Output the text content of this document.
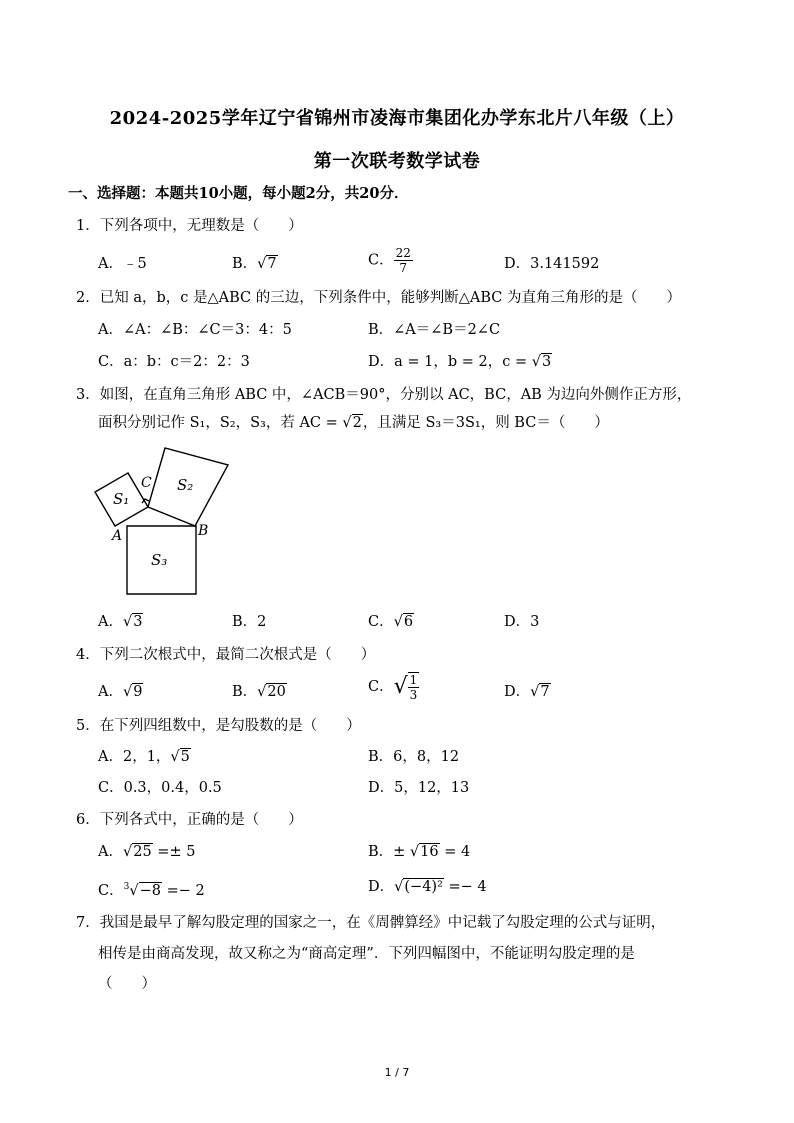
2024-2025学年辽宁省锦州市凌海市集团化办学东北片八年级（上）
第一次联考数学试卷
一、选择题：本题共10小题，每小题2分，共20分．
1．下列各项中，无理数是（　　）
A．﹣5	B．√7	C． $\frac{22}{7}$	D．3.141592
2．已知 a，b，c 是△ABC 的三边，下列条件中，能够判断△ABC 为直角三角形的是（　　）
A．∠A：∠B：∠C＝3：4：5	B．∠A＝∠B＝2∠C
C．a：b：c＝2：2：3	D．a = 1，b = 2，c = √3
3．如图，在直角三角形 ABC 中，∠ACB＝90°，分别以 AC，BC，AB 为边向外侧作正方形，
面积分别记作 S₁，S₂，S₃，若 AC = √2，且满足 S₃＝3S₁，则 BC＝（　　）
S₁
S₂
S₃
A	B
C
A．√3	B．2	C．√6	D．3
4．下列二次根式中，最简二次根式是（　　）
A．√9	B．√20	C．√ $\frac{1}{3}$	D．√7
5．在下列四组数中，是勾股数的是（　　）
A．2，1，√5	B．6，8，12
C．0.3，0.4，0.5	D．5，12，13
6．下列各式中，正确的是（　　）
A．√25 =± 5	B．± √16 = 4
C．$^3$√−8 =− 2	D．√(−4)² =− 4
7．我国是最早了解勾股定理的国家之一，在《周髀算经》中记载了勾股定理的公式与证明，
相传是由商高发现，故又称之为“商高定理”．下列四幅图中，不能证明勾股定理的是
（　　）
1 / 7
